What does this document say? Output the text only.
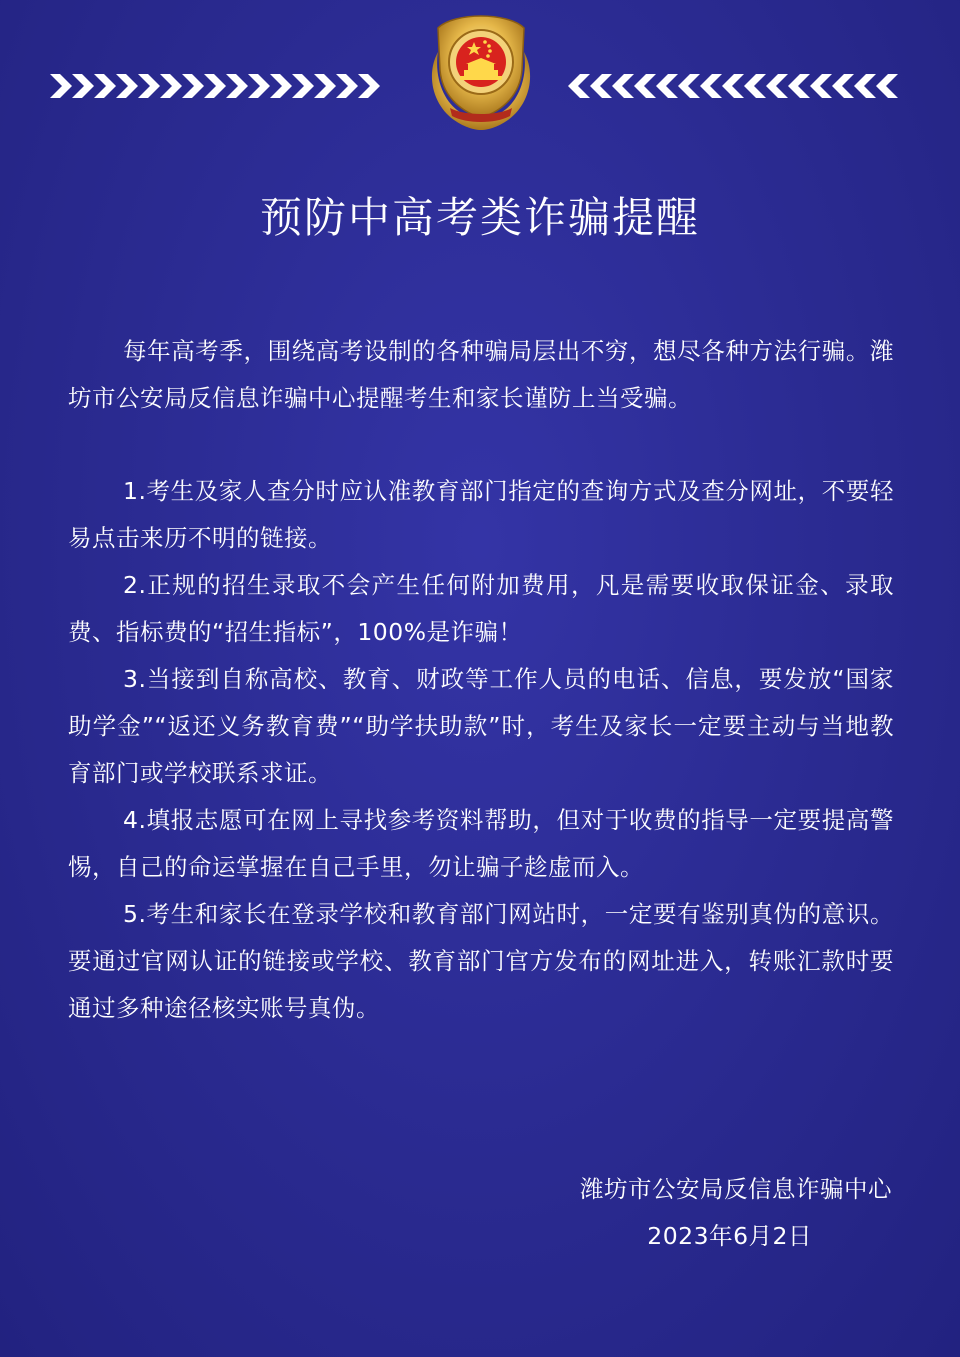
预防中高考类诈骗提醒

每年高考季，围绕高考设制的各种骗局层出不穷，想尽各种方法行骗。潍坊市公安局反信息诈骗中心提醒考生和家长谨防上当受骗。

1.考生及家人查分时应认准教育部门指定的查询方式及查分网址，不要轻易点击来历不明的链接。

2.正规的招生录取不会产生任何附加费用，凡是需要收取保证金、录取费、指标费的“招生指标”，100%是诈骗！

3.当接到自称高校、教育、财政等工作人员的电话、信息，要发放“国家助学金”“返还义务教育费”“助学扶助款”时，考生及家长一定要主动与当地教育部门或学校联系求证。

4.填报志愿可在网上寻找参考资料帮助，但对于收费的指导一定要提高警惕，自己的命运掌握在自己手里，勿让骗子趁虚而入。

5.考生和家长在登录学校和教育部门网站时，一定要有鉴别真伪的意识。要通过官网认证的链接或学校、教育部门官方发布的网址进入，转账汇款时要通过多种途径核实账号真伪。

潍坊市公安局反信息诈骗中心
2023年6月2日
